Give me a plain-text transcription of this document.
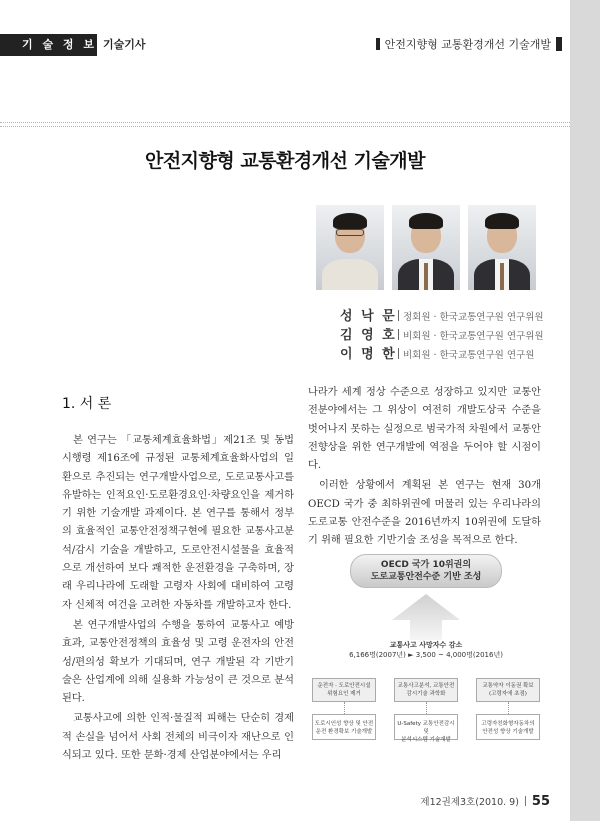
기 술 정 보 기술기사	안전지향형 교통환경개선 기술개발
안전지향형 교통환경개선 기술개발
성 낙 문 정회원 · 한국교통연구원 연구위원
김 영 호 비회원 · 한국교통연구원 연구위원
이 명 한 비회원 · 한국교통연구원 연구원
1. 서 론

본 연구는 「교통체계효율화법」제21조 및 동법시행령 제16조에 규정된 교통체계효율화사업의 일환으로 추진되는 연구개발사업으로, 도로교통사고를 유발하는 인적요인·도로환경요인·차량요인을 제거하기 위한 기술개발 과제이다. 본 연구를 통해서 정부의 효율적인 교통안전정책구현에 필요한 교통사고분석/감시 기술을 개발하고, 도로안전시설물을 효율적으로 개선하여 보다 쾌적한 운전환경을 구축하며, 장래 우리나라에 도래할 고령자 사회에 대비하여 고령자 신체적 여건을 고려한 자동차를 개발하고자 한다.

본 연구개발사업의 수행을 통하여 교통사고 예방효과, 교통안전정책의 효율성 및 고령 운전자의 안전성/편의성 확보가 기대되며, 연구 개발된 각 기반기술은 산업계에 의해 실용화 가능성이 큰 것으로 분석된다.

교통사고에 의한 인적·물질적 피해는 단순히 경제적 손실을 넘어서 사회 전체의 비극이자 재난으로 인식되고 있다. 또한 문화·경제 산업분야에서는 우리

나라가 세계 정상 수준으로 성장하고 있지만 교통안전분야에서는 그 위상이 여전히 개발도상국 수준을 벗어나지 못하는 실정으로 범국가적 차원에서 교통안전향상을 위한 연구개발에 역점을 두어야 할 시점이다.

이러한 상황에서 계획된 본 연구는 현재 30개 OECD 국가 중 최하위권에 머물러 있는 우리나라의 도로교통 안전수준을 2016년까지 10위권에 도달하기 위해 필요한 기반기술 조성을 목적으로 한다.

OECD 국가 10위권의
도로교통안전수준 기반 조성
교통사고 사망자수 감소
6,166명(2007년) ► 3,500 ~ 4,000명(2016년)
운전자 · 도로안전시설
위험요인 제거
교통사고분석, 교통안전
감시기술 과학화
교통약자 이동권 확보
(고령자에 초점)
도로시인성 향상 및 안전
운전 환경확보 기술개발
U-Safety 교통안전감시 및
분석시스템 기술개발
고령자친화형자동차의
안전성 향상 기술개발
제12권제3호(2010. 9) 55
